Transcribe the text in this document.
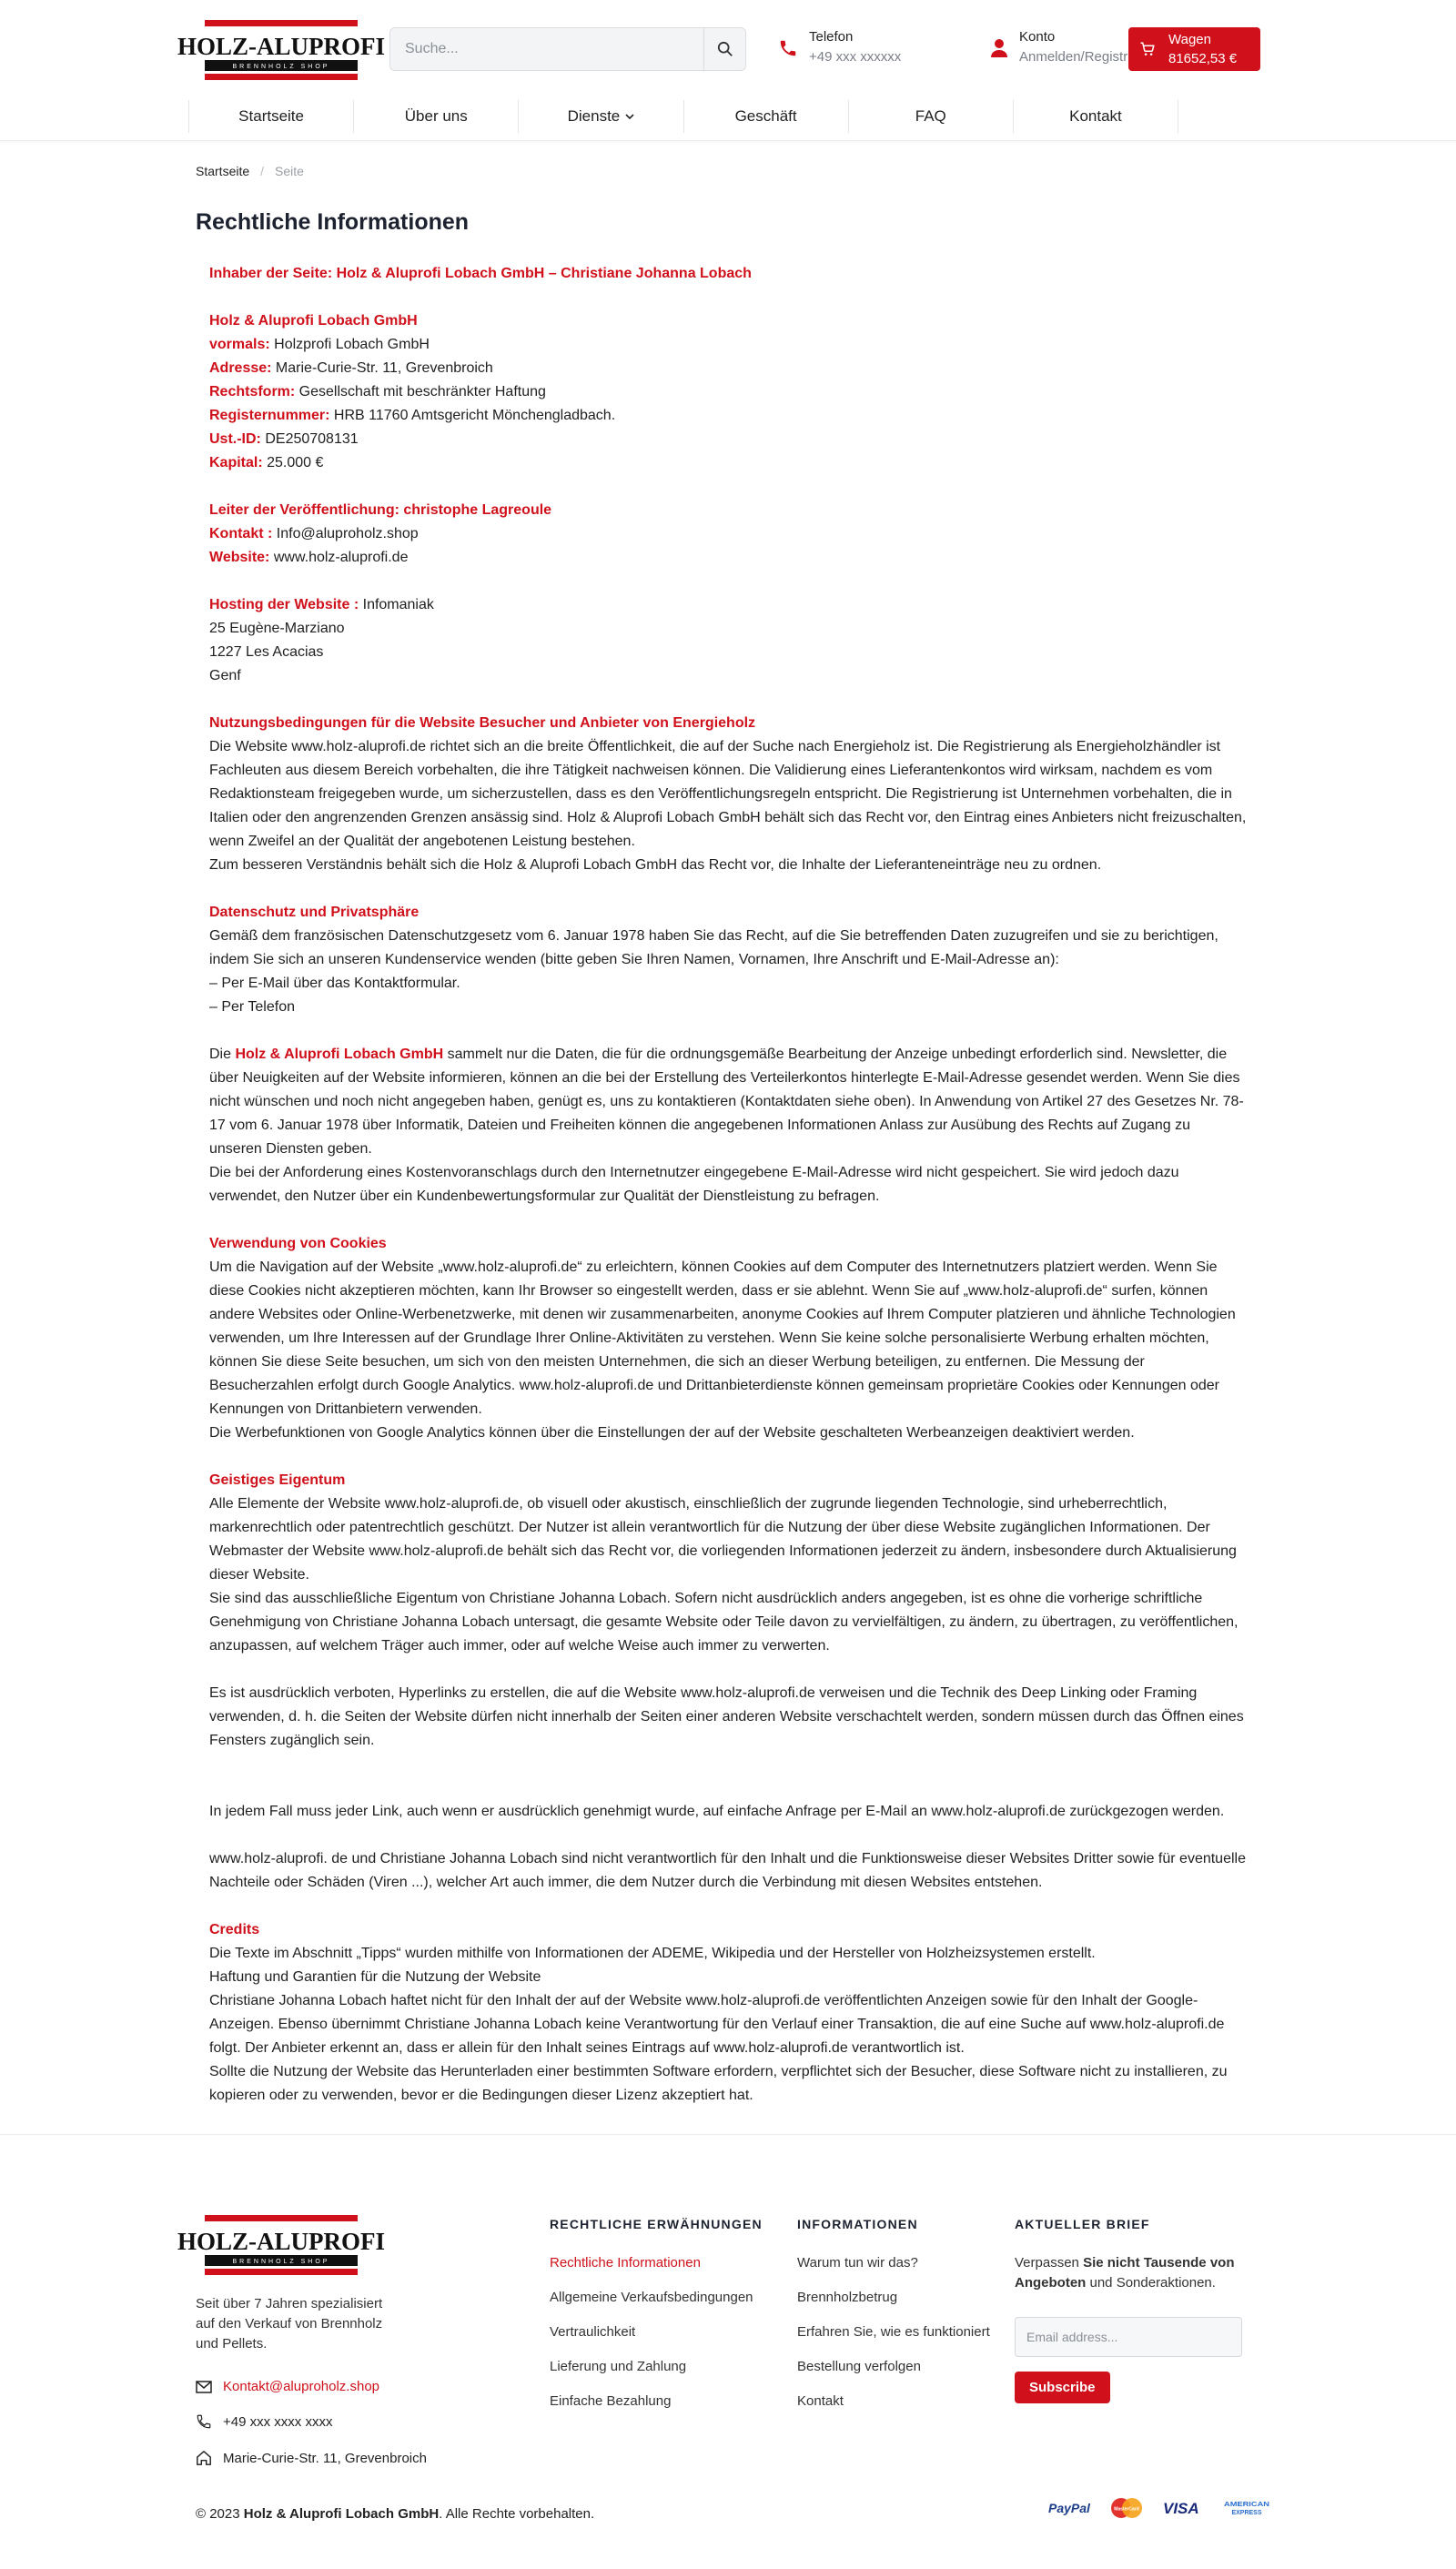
HOLZ-ALUPROFI
BRENNHOLZ SHOP
Suche...
Telefon
+49 xxx xxxxxx
Konto
Anmelden/Registr
Wagen
81652,53 €
Startseite	Über uns	Dienste	Geschäft	FAQ	Kontakt
Startseite / Seite
Rechtliche Informationen

Inhaber der Seite: Holz & Aluprofi Lobach GmbH – Christiane Johanna Lobach

Holz & Aluprofi Lobach GmbH

vormals: Holzprofi Lobach GmbH

Adresse: Marie-Curie-Str. 11, Grevenbroich

Rechtsform: Gesellschaft mit beschränkter Haftung

Registernummer: HRB 11760 Amtsgericht Mönchengladbach.

Ust.-ID: DE250708131

Kapital: 25.000 €

Leiter der Veröffentlichung: christophe Lagreoule

Kontakt : Info@aluproholz.shop

Website: www.holz-aluprofi.de

Hosting der Website : Infomaniak

25 Eugène-Marziano

1227 Les Acacias

Genf

Nutzungsbedingungen für die Website Besucher und Anbieter von Energieholz

Die Website www.holz-aluprofi.de richtet sich an die breite Öffentlichkeit, die auf der Suche nach Energieholz ist. Die Registrierung als Energieholzhändler ist Fachleuten aus diesem Bereich vorbehalten, die ihre Tätigkeit nachweisen können. Die Validierung eines Lieferantenkontos wird wirksam, nachdem es vom Redaktionsteam freigegeben wurde, um sicherzustellen, dass es den Veröffentlichungsregeln entspricht. Die Registrierung ist Unternehmen vorbehalten, die in Italien oder den angrenzenden Grenzen ansässig sind. Holz & Aluprofi Lobach GmbH behält sich das Recht vor, den Eintrag eines Anbieters nicht freizuschalten, wenn Zweifel an der Qualität der angebotenen Leistung bestehen.

Zum besseren Verständnis behält sich die Holz & Aluprofi Lobach GmbH das Recht vor, die Inhalte der Lieferanteneinträge neu zu ordnen.

Datenschutz und Privatsphäre

Gemäß dem französischen Datenschutzgesetz vom 6. Januar 1978 haben Sie das Recht, auf die Sie betreffenden Daten zuzugreifen und sie zu berichtigen, indem Sie sich an unseren Kundenservice wenden (bitte geben Sie Ihren Namen, Vornamen, Ihre Anschrift und E-Mail-Adresse an):

– Per E-Mail über das Kontaktformular.

– Per Telefon

Die Holz & Aluprofi Lobach GmbH sammelt nur die Daten, die für die ordnungsgemäße Bearbeitung der Anzeige unbedingt erforderlich sind. Newsletter, die über Neuigkeiten auf der Website informieren, können an die bei der Erstellung des Verteilerkontos hinterlegte E-Mail-Adresse gesendet werden. Wenn Sie dies nicht wünschen und noch nicht angegeben haben, genügt es, uns zu kontaktieren (Kontaktdaten siehe oben). In Anwendung von Artikel 27 des Gesetzes Nr. 78-17 vom 6. Januar 1978 über Informatik, Dateien und Freiheiten können die angegebenen Informationen Anlass zur Ausübung des Rechts auf Zugang zu unseren Diensten geben.

Die bei der Anforderung eines Kostenvoranschlags durch den Internetnutzer eingegebene E-Mail-Adresse wird nicht gespeichert. Sie wird jedoch dazu verwendet, den Nutzer über ein Kundenbewertungsformular zur Qualität der Dienstleistung zu befragen.

Verwendung von Cookies

Um die Navigation auf der Website „www.holz-aluprofi.de“ zu erleichtern, können Cookies auf dem Computer des Internetnutzers platziert werden. Wenn Sie diese Cookies nicht akzeptieren möchten, kann Ihr Browser so eingestellt werden, dass er sie ablehnt. Wenn Sie auf „www.holz-aluprofi.de“ surfen, können andere Websites oder Online-Werbenetzwerke, mit denen wir zusammenarbeiten, anonyme Cookies auf Ihrem Computer platzieren und ähnliche Technologien verwenden, um Ihre Interessen auf der Grundlage Ihrer Online-Aktivitäten zu verstehen. Wenn Sie keine solche personalisierte Werbung erhalten möchten, können Sie diese Seite besuchen, um sich von den meisten Unternehmen, die sich an dieser Werbung beteiligen, zu entfernen. Die Messung der Besucherzahlen erfolgt durch Google Analytics. www.holz-aluprofi.de und Drittanbieterdienste können gemeinsam proprietäre Cookies oder Kennungen oder Kennungen von Drittanbietern verwenden.

Die Werbefunktionen von Google Analytics können über die Einstellungen der auf der Website geschalteten Werbeanzeigen deaktiviert werden.

Geistiges Eigentum

Alle Elemente der Website www.holz-aluprofi.de, ob visuell oder akustisch, einschließlich der zugrunde liegenden Technologie, sind urheberrechtlich, markenrechtlich oder patentrechtlich geschützt. Der Nutzer ist allein verantwortlich für die Nutzung der über diese Website zugänglichen Informationen. Der Webmaster der Website www.holz-aluprofi.de behält sich das Recht vor, die vorliegenden Informationen jederzeit zu ändern, insbesondere durch Aktualisierung dieser Website.

Sie sind das ausschließliche Eigentum von Christiane Johanna Lobach. Sofern nicht ausdrücklich anders angegeben, ist es ohne die vorherige schriftliche Genehmigung von Christiane Johanna Lobach untersagt, die gesamte Website oder Teile davon zu vervielfältigen, zu ändern, zu übertragen, zu veröffentlichen, anzupassen, auf welchem Träger auch immer, oder auf welche Weise auch immer zu verwerten.

Es ist ausdrücklich verboten, Hyperlinks zu erstellen, die auf die Website www.holz-aluprofi.de verweisen und die Technik des Deep Linking oder Framing verwenden, d. h. die Seiten der Website dürfen nicht innerhalb der Seiten einer anderen Website verschachtelt werden, sondern müssen durch das Öffnen eines Fensters zugänglich sein.

In jedem Fall muss jeder Link, auch wenn er ausdrücklich genehmigt wurde, auf einfache Anfrage per E-Mail an www.holz-aluprofi.de zurückgezogen werden.

www.holz-aluprofi. de und Christiane Johanna Lobach sind nicht verantwortlich für den Inhalt und die Funktionsweise dieser Websites Dritter sowie für eventuelle Nachteile oder Schäden (Viren ...), welcher Art auch immer, die dem Nutzer durch die Verbindung mit diesen Websites entstehen.

Credits

Die Texte im Abschnitt „Tipps“ wurden mithilfe von Informationen der ADEME, Wikipedia und der Hersteller von Holzheizsystemen erstellt.

Haftung und Garantien für die Nutzung der Website

Christiane Johanna Lobach haftet nicht für den Inhalt der auf der Website www.holz-aluprofi.de veröffentlichten Anzeigen sowie für den Inhalt der Google-Anzeigen. Ebenso übernimmt Christiane Johanna Lobach keine Verantwortung für den Verlauf einer Transaktion, die auf eine Suche auf www.holz-aluprofi.de folgt. Der Anbieter erkennt an, dass er allein für den Inhalt seines Eintrags auf www.holz-aluprofi.de verantwortlich ist.

Sollte die Nutzung der Website das Herunterladen einer bestimmten Software erfordern, verpflichtet sich der Besucher, diese Software nicht zu installieren, zu kopieren oder zu verwenden, bevor er die Bedingungen dieser Lizenz akzeptiert hat.

HOLZ-ALUPROFI
BRENNHOLZ SHOP

Seit über 7 Jahren spezialisiert auf den Verkauf von Brennholz und Pellets.

Kontakt@aluproholz.shop
+49 xxx xxxx xxxx
Marie-Curie-Str. 11, Grevenbroich
RECHTLICHE ERWÄHNUNGEN
Rechtliche Informationen
Allgemeine Verkaufsbedingungen
Vertraulichkeit
Lieferung und Zahlung
Einfache Bezahlung
INFORMATIONEN
Warum tun wir das?
Brennholzbetrug
Erfahren Sie, wie es funktioniert
Bestellung verfolgen
Kontakt
AKTUELLER BRIEF

Verpassen Sie nicht Tausende von Angeboten und Sonderaktionen.

Email address...
Subscribe

© 2023 Holz & Aluprofi Lobach GmbH. Alle Rechte vorbehalten.	PayPal	MasterCard VISA	AMERICAN
EXPRESS
